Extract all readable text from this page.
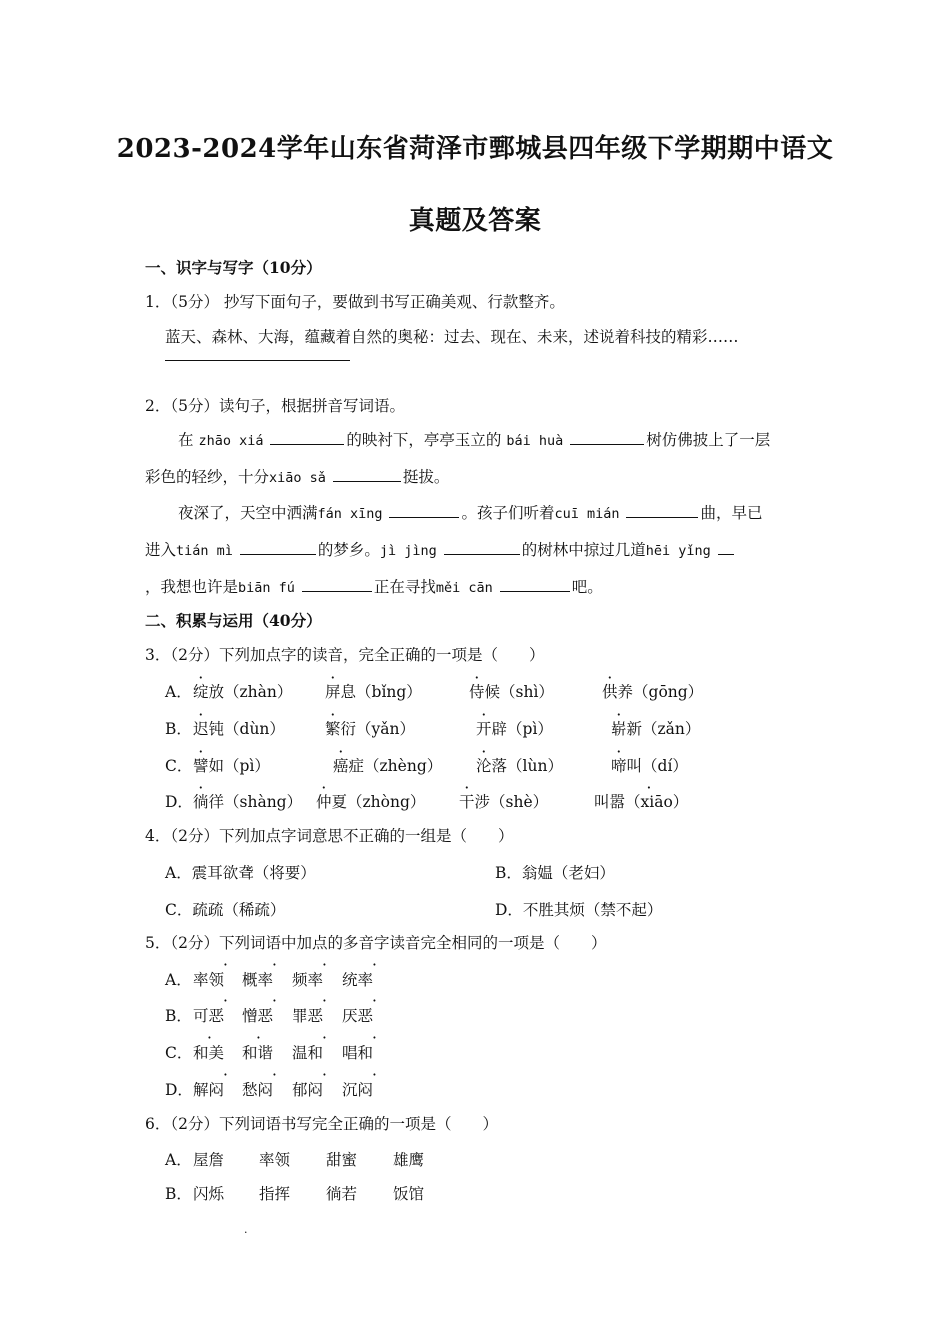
2023-2024学年山东省菏泽市鄄城县四年级下学期期中语文
真题及答案
一、识字与写字（10分）
1．（5分） 抄写下面句子，要做到书写正确美观、行款整齐。
蓝天、森林、大海，蕴藏着自然的奥秘：过去、现在、未来，述说着科技的精彩……
2．（5分）读句子，根据拼音写词语。
在 zhāo xiá	的映衬下，亭亭玉立的 bái huà	树仿佛披上了一层
彩色的轻纱，十分xiāo sǎ	挺拔。
夜深了，天空中洒满fán xīng	。孩子们听着cuī mián	曲，早已
进入tián mì	的梦乡。jì jìng	的树林中掠过几道hēi yǐng
，我想也许是biān fú	正在寻找měi cān	吧。
二、积累与运用（40分）
3．（2分）下列加点字的读音，完全正确的一项是（　　）
A． 绽放（zhàn） 屏息（bǐng）	侍候（shì）	供养（gōng）
B． 迟钝（dùn）	繁衍（yǎn）	开辟（pì）	崭新（zǎn）
C． 譬如（pì）	癌症（zhèng） 沦落（lùn）	啼叫（dí）
D． 徜徉（shàng） 仲夏（zhòng） 干涉（shè）	叫· 嚣（xiāo）
4．（2分）下列加点字词意思不正确的一组是（　　）
A．震耳欲聋（将要）	B．翁媪（老妇）
C．疏疏（稀疏）	D．不胜其烦（禁不起）
5．（2分）下列词语中加点的多音字读音完全相同的一项是（　　）
A． 率领 概率 频率 统率
B． 可恶 憎恶 罪恶 厌恶
C． 和美 和谐 温和 唱和
D． 解闷 愁闷 郁闷 沉闷
·	·	·	·
·	·	·	·
·	·	·	·
·	·	·	·
6．（2分）下列词语书写完全正确的一项是（　　）
A． 屋詹 率领 甜蜜 雄鹰
B． 闪烁 指挥 徜若 饭馆
.
